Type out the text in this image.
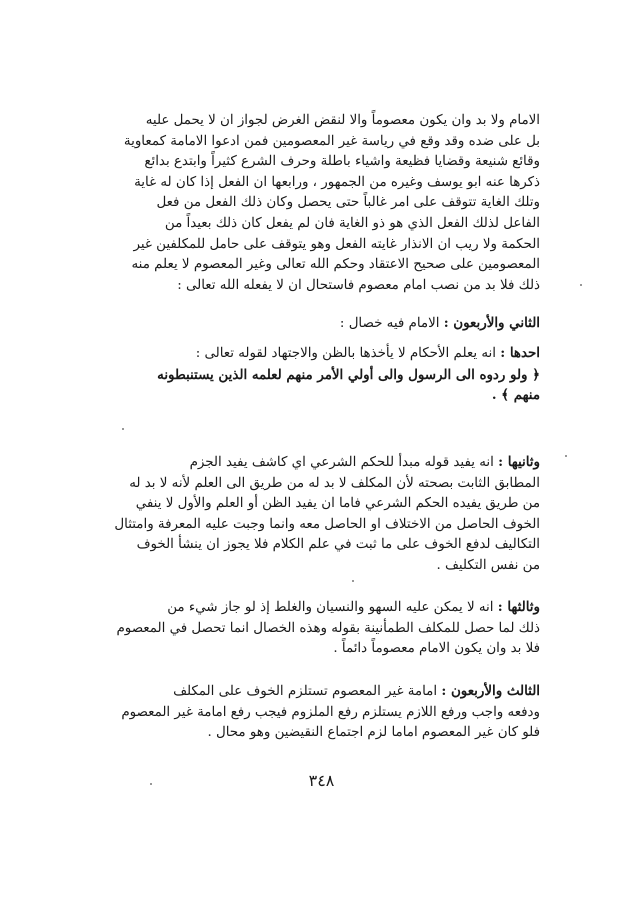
الامام ولا بد وان يكون معصوماً والا لنقض الغرض لجواز ان لا يحمل عليه

بل على ضده وقد وقع في رياسة غير المعصومين فمن ادعوا الامامة كمعاوية

وقائع شنيعة وقضايا فظيعة واشياء باطلة وحرف الشرع كثيراً وابتدع بدائع

ذكرها عنه ابو يوسف وغيره من الجمهور ، ورابعها ان الفعل إذا كان له غاية

وتلك الغاية تتوقف على امر غالباً حتى يحصل وكان ذلك الفعل من فعل

الفاعل لذلك الفعل الذي هو ذو الغاية فان لم يفعل كان ذلك بعيداً من

الحكمة ولا ريب ان الانذار غايته الفعل وهو يتوقف على حامل للمكلفين غير

المعصومين على صحيح الاعتقاد وحكم الله تعالى وغير المعصوم لا يعلم منه

ذلك فلا بد من نصب امام معصوم فاستحال ان لا يفعله الله تعالى :

الثاني والأربعون : الامام فيه خصال :

احدها : انه يعلم الأحكام لا يأخذها بالظن والاجتهاد لقوله تعالى :

﴿ ولو ردوه الى الرسول والى أولي الأمر منهم لعلمه الذين يستنبطونه

منهم ﴾ .

وثانيها : انه يفيد قوله مبدأ للحكم الشرعي اي كاشف يفيد الجزم

المطابق الثابت بصحته لأن المكلف لا بد له من طريق الى العلم لأنه لا بد له

من طريق يفيده الحكم الشرعي فاما ان يفيد الظن أو العلم والأول لا ينفي

الخوف الحاصل من الاختلاف او الحاصل معه وانما وجبت عليه المعرفة وامتثال

التكاليف لدفع الخوف على ما ثبت في علم الكلام فلا يجوز ان ينشأ الخوف

من نفس التكليف .

وثالثها : انه لا يمكن عليه السهو والنسيان والغلط إذ لو جاز شيء من

ذلك لما حصل للمكلف الطمأنينة بقوله وهذه الخصال انما تحصل في المعصوم

فلا بد وان يكون الامام معصوماً دائماً .

الثالث والأربعون : امامة غير المعصوم تستلزم الخوف على المكلف

ودفعه واجب ورفع اللازم يستلزم رفع الملزوم فيجب رفع امامة غير المعصوم

فلو كان غير المعصوم اماما لزم اجتماع النقيضين وهو محال .

٣٤٨
